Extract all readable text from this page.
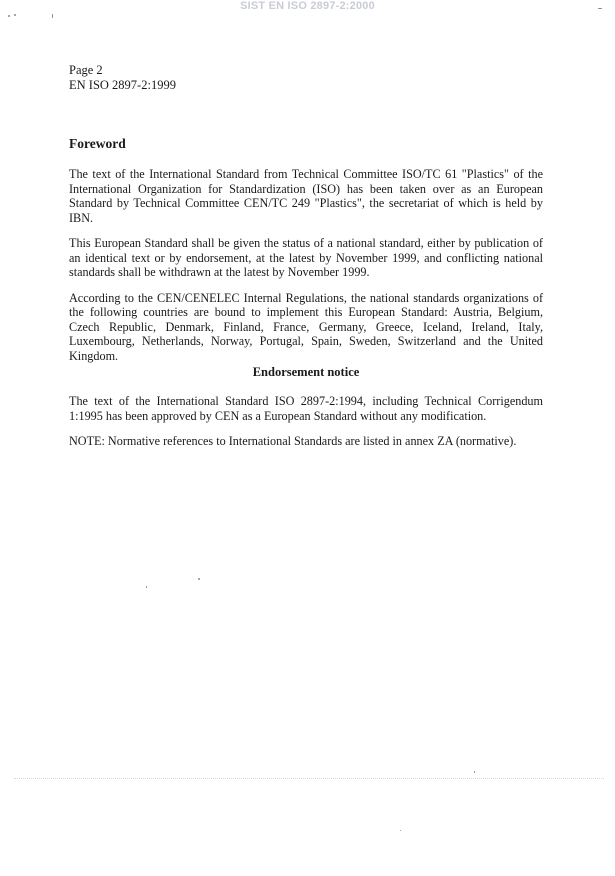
SIST EN ISO 2897-2:2000
Page 2
EN ISO 2897-2:1999
Foreword

The text of the International Standard from Technical Committee ISO/TC 61 "Plastics" of the International Organization for Standardization (ISO) has been taken over as an European Standard by Technical Committee CEN/TC 249 "Plastics", the secretariat of which is held by IBN.

This European Standard shall be given the status of a national standard, either by publication of an identical text or by endorsement, at the latest by November 1999, and conflicting national standards shall be withdrawn at the latest by November 1999.

According to the CEN/CENELEC Internal Regulations, the national standards organizations of the following countries are bound to implement this European Standard: Austria, Belgium, Czech Republic, Denmark, Finland, France, Germany, Greece, Iceland, Ireland, Italy, Luxembourg, Netherlands, Norway, Portugal, Spain, Sweden, Switzerland and the United Kingdom.

Endorsement notice

The text of the International Standard ISO 2897-2:1994, including Technical Corrigendum 1:1995 has been approved by CEN as a European Standard without any modification.

NOTE: Normative references to International Standards are listed in annex ZA (normative).
